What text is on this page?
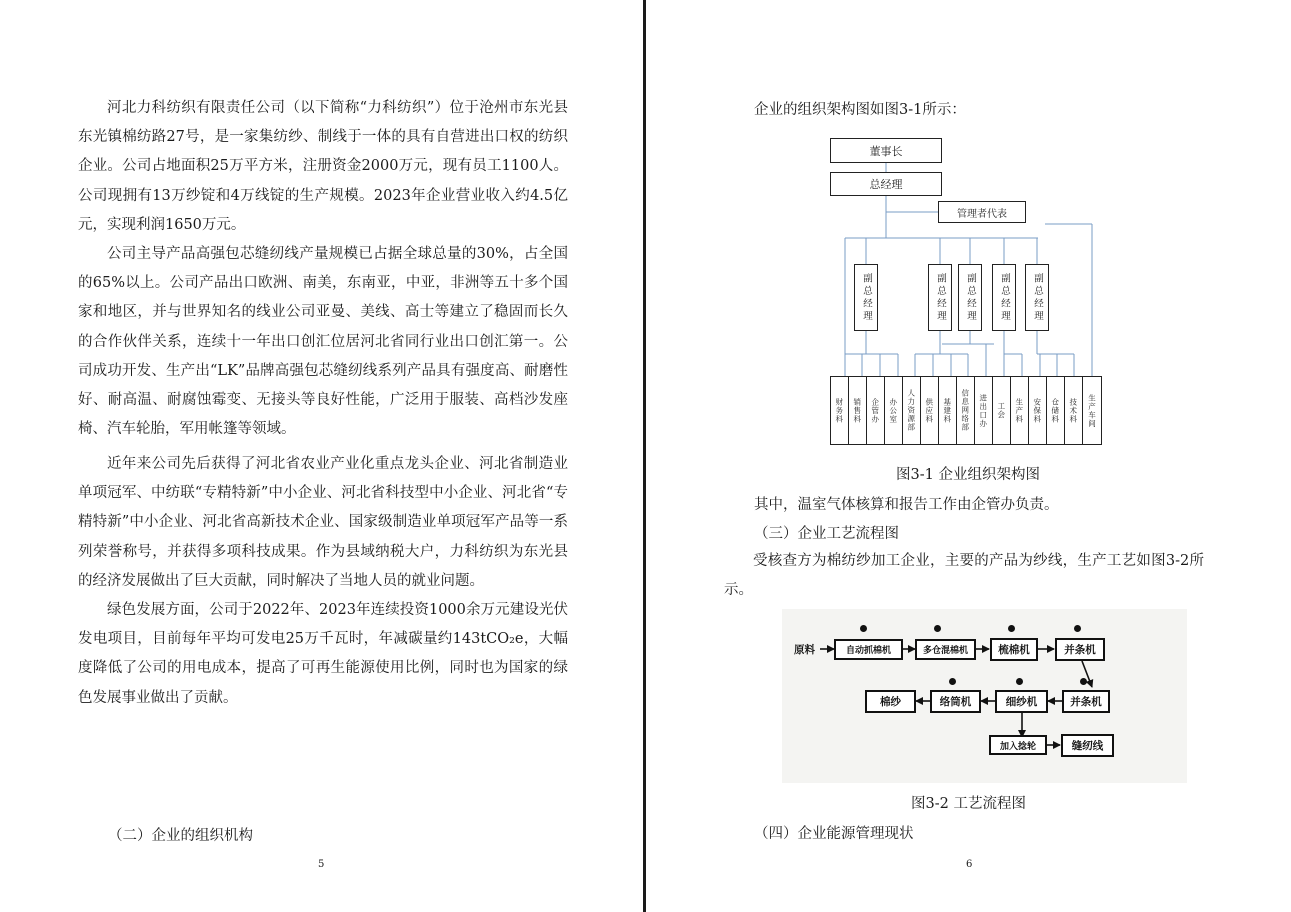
河北力科纺织有限责任公司（以下简称“力科纺织”）位于沧州市东光县东光镇棉纺路27号，是一家集纺纱、制线于一体的具有自营进出口权的纺织企业。公司占地面积25万平方米，注册资金2000万元，现有员工1100人。公司现拥有13万纱锭和4万线锭的生产规模。2023年企业营业收入约4.5亿元，实现利润1650万元。

公司主导产品高强包芯缝纫线产量规模已占据全球总量的30%，占全国的65%以上。公司产品出口欧洲、南美，东南亚，中亚，非洲等五十多个国家和地区，并与世界知名的线业公司亚曼、美线、高士等建立了稳固而长久的合作伙伴关系，连续十一年出口创汇位居河北省同行业出口创汇第一。公司成功开发、生产出“LK”品牌高强包芯缝纫线系列产品具有强度高、耐磨性好、耐高温、耐腐蚀霉变、无接头等良好性能，广泛用于服装、高档沙发座椅、汽车轮胎，军用帐篷等领域。

近年来公司先后获得了河北省农业产业化重点龙头企业、河北省制造业单项冠军、中纺联“专精特新”中小企业、河北省科技型中小企业、河北省“专精特新”中小企业、河北省高新技术企业、国家级制造业单项冠军产品等一系列荣誉称号，并获得多项科技成果。作为县域纳税大户，力科纺织为东光县的经济发展做出了巨大贡献，同时解决了当地人员的就业问题。

绿色发展方面，公司于2022年、2023年连续投资1000余万元建设光伏发电项目，目前每年平均可发电25万千瓦时，年减碳量约143tCO₂e，大幅度降低了公司的用电成本，提高了可再生能源使用比例，同时也为国家的绿色发展事业做出了贡献。

（二）企业的组织机构
5
企业的组织架构图如图3-1所示：
董事长
总经理
管理者代表
副总经理	副总经理 副总经理 副总经理 副总经理
财务科 销售科 企管办 办公室 人力资源部 供应科 基建科 信息网络部 进出口办 工会 生产科 安保科 仓储科 技术科 生产车间
图3-1 企业组织架构图
其中，温室气体核算和报告工作由企管办负责。
（三）企业工艺流程图

受核查方为棉纺纱加工企业，主要的产品为纱线，生产工艺如图3-2所示。

原料	自动抓棉机	多仓混棉机	梳棉机	并条机
并条机
细纱机
络筒机
棉纱
加入捻轮	缝纫线
图3-2 工艺流程图
（四）企业能源管理现状
6
